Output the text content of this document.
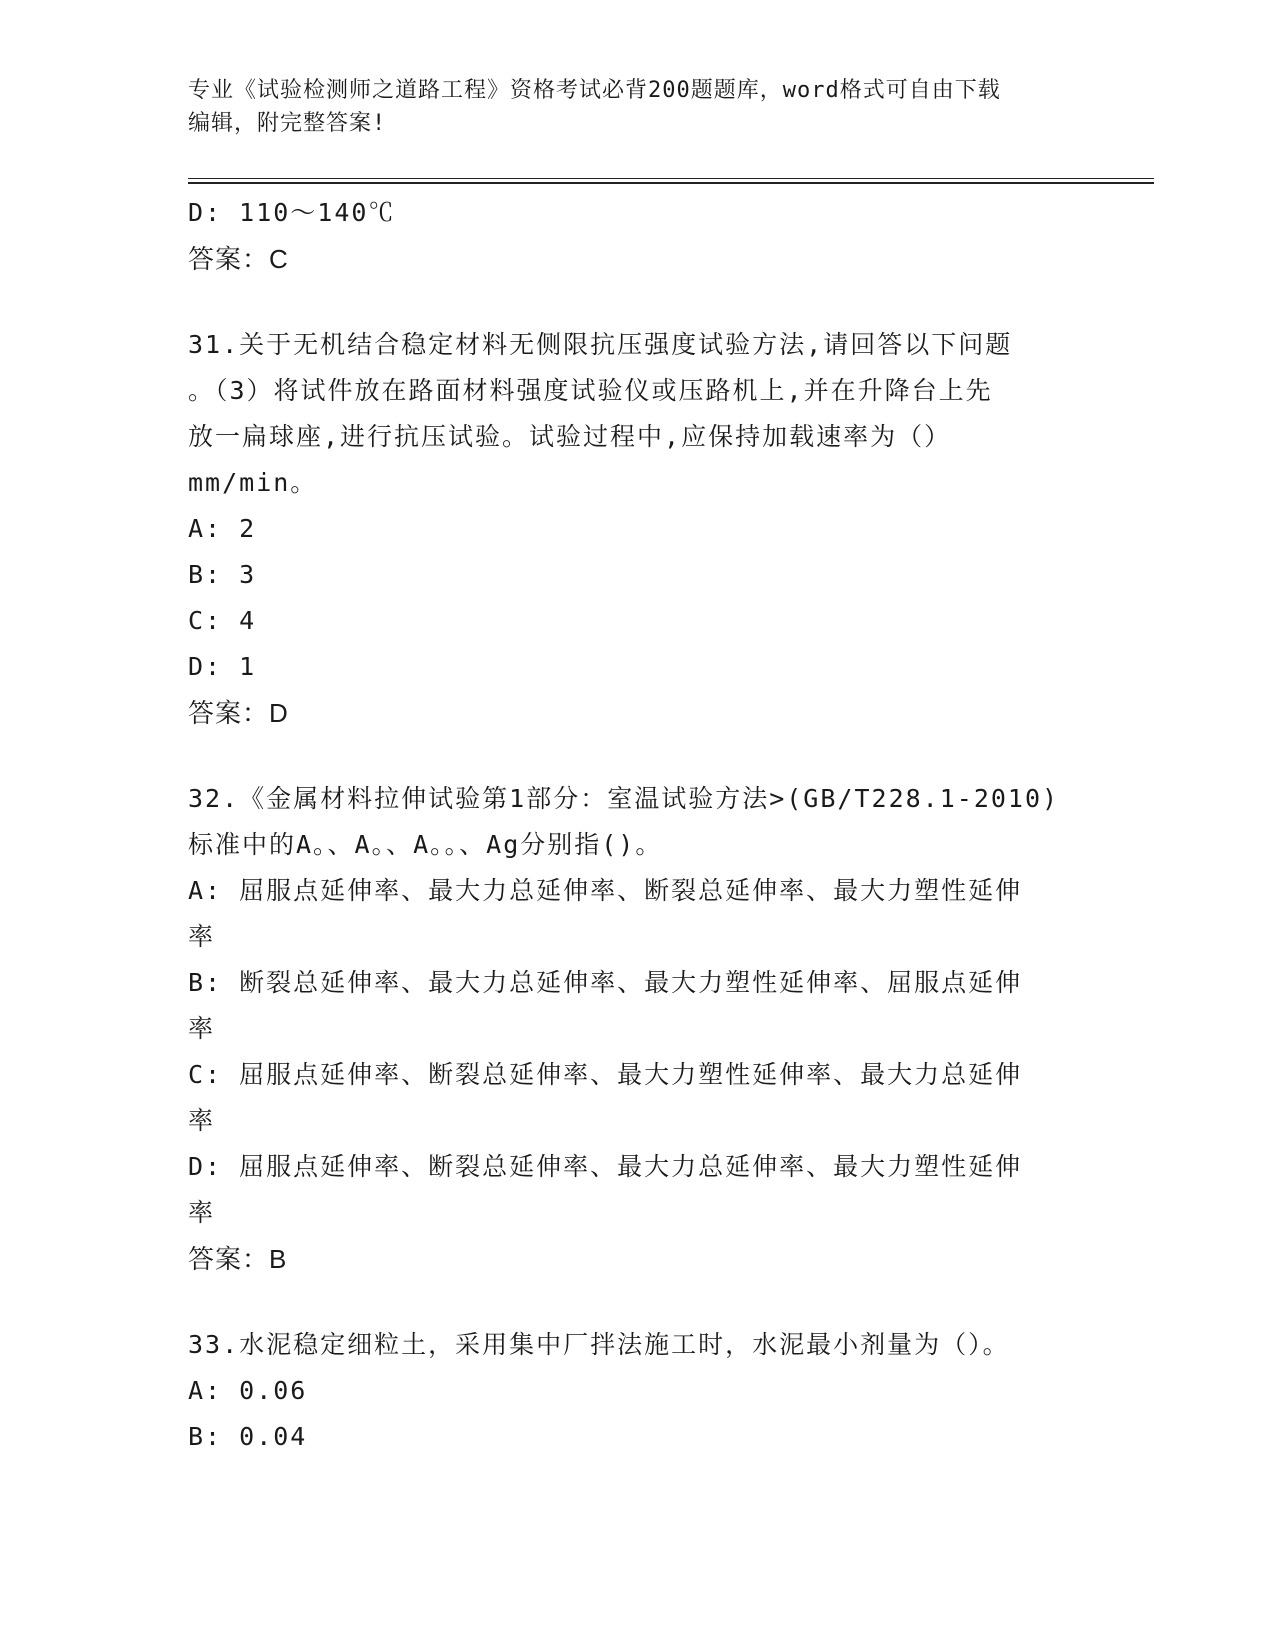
专业《试验检测师之道路工程》资格考试必背200题题库，word格式可自由下载
编辑，附完整答案!
D: 110～140℃
答案：C
31.关于无机结合稳定材料无侧限抗压强度试验方法,请回答以下问题
。（3）将试件放在路面材料强度试验仪或压路机上,并在升降台上先
放一扁球座,进行抗压试验。试验过程中,应保持加载速率为（）
mm/min。
A: 2
B: 3
C: 4
D: 1
答案：D
32.《金属材料拉伸试验第1部分：室温试验方法>(GB/T228.1-2010)
标准中的A。、A。、A。。、Ag分别指()。
A: 屈服点延伸率、最大力总延伸率、断裂总延伸率、最大力塑性延伸
率
B: 断裂总延伸率、最大力总延伸率、最大力塑性延伸率、屈服点延伸
率
C: 屈服点延伸率、断裂总延伸率、最大力塑性延伸率、最大力总延伸
率
D: 屈服点延伸率、断裂总延伸率、最大力总延伸率、最大力塑性延伸
率
答案：B
33.水泥稳定细粒土，采用集中厂拌法施工时，水泥最小剂量为（）。
A: 0.06
B: 0.04
